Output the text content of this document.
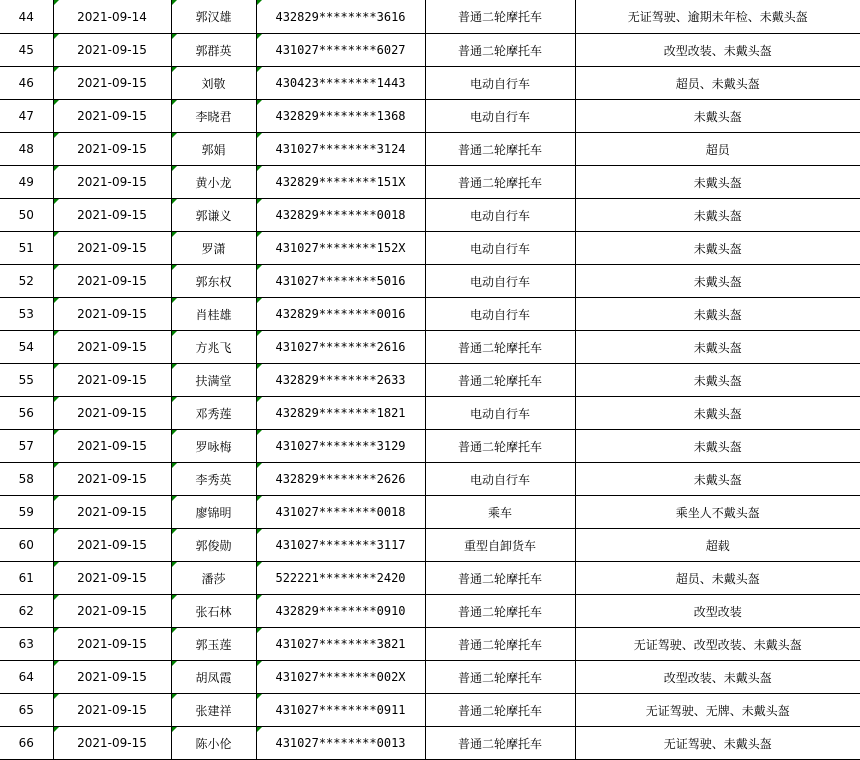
44	2021-09-14	郭汉雄	432829********3616	普通二轮摩托车	无证驾驶、逾期未年检、未戴头盔
45	2021-09-15	郭群英	431027********6027	普通二轮摩托车	改型改装、未戴头盔
46	2021-09-15	刘敬	430423********1443	电动自行车	超员、未戴头盔
47	2021-09-15	李晓君	432829********1368	电动自行车	未戴头盔
48	2021-09-15	郭娟	431027********3124	普通二轮摩托车	超员
49	2021-09-15	黄小龙	432829********151X	普通二轮摩托车	未戴头盔
50	2021-09-15	郭谦义	432829********0018	电动自行车	未戴头盔
51	2021-09-15	罗潇	431027********152X	电动自行车	未戴头盔
52	2021-09-15	郭东权	431027********5016	电动自行车	未戴头盔
53	2021-09-15	肖桂雄	432829********0016	电动自行车	未戴头盔
54	2021-09-15	方兆飞	431027********2616	普通二轮摩托车	未戴头盔
55	2021-09-15	扶满堂	432829********2633	普通二轮摩托车	未戴头盔
56	2021-09-15	邓秀莲	432829********1821	电动自行车	未戴头盔
57	2021-09-15	罗咏梅	431027********3129	普通二轮摩托车	未戴头盔
58	2021-09-15	李秀英	432829********2626	电动自行车	未戴头盔
59	2021-09-15	廖锦明	431027********0018	乘车	乘坐人不戴头盔
60	2021-09-15	郭俊勋	431027********3117	重型自卸货车	超载
61	2021-09-15	潘莎	522221********2420	普通二轮摩托车	超员、未戴头盔
62	2021-09-15	张石林	432829********0910	普通二轮摩托车	改型改装
63	2021-09-15	郭玉莲	431027********3821	普通二轮摩托车	无证驾驶、改型改装、未戴头盔
64	2021-09-15	胡凤霞	431027********002X	普通二轮摩托车	改型改装、未戴头盔
65	2021-09-15	张建祥	431027********0911	普通二轮摩托车	无证驾驶、无牌、未戴头盔
66	2021-09-15	陈小伦	431027********0013	普通二轮摩托车	无证驾驶、未戴头盔
